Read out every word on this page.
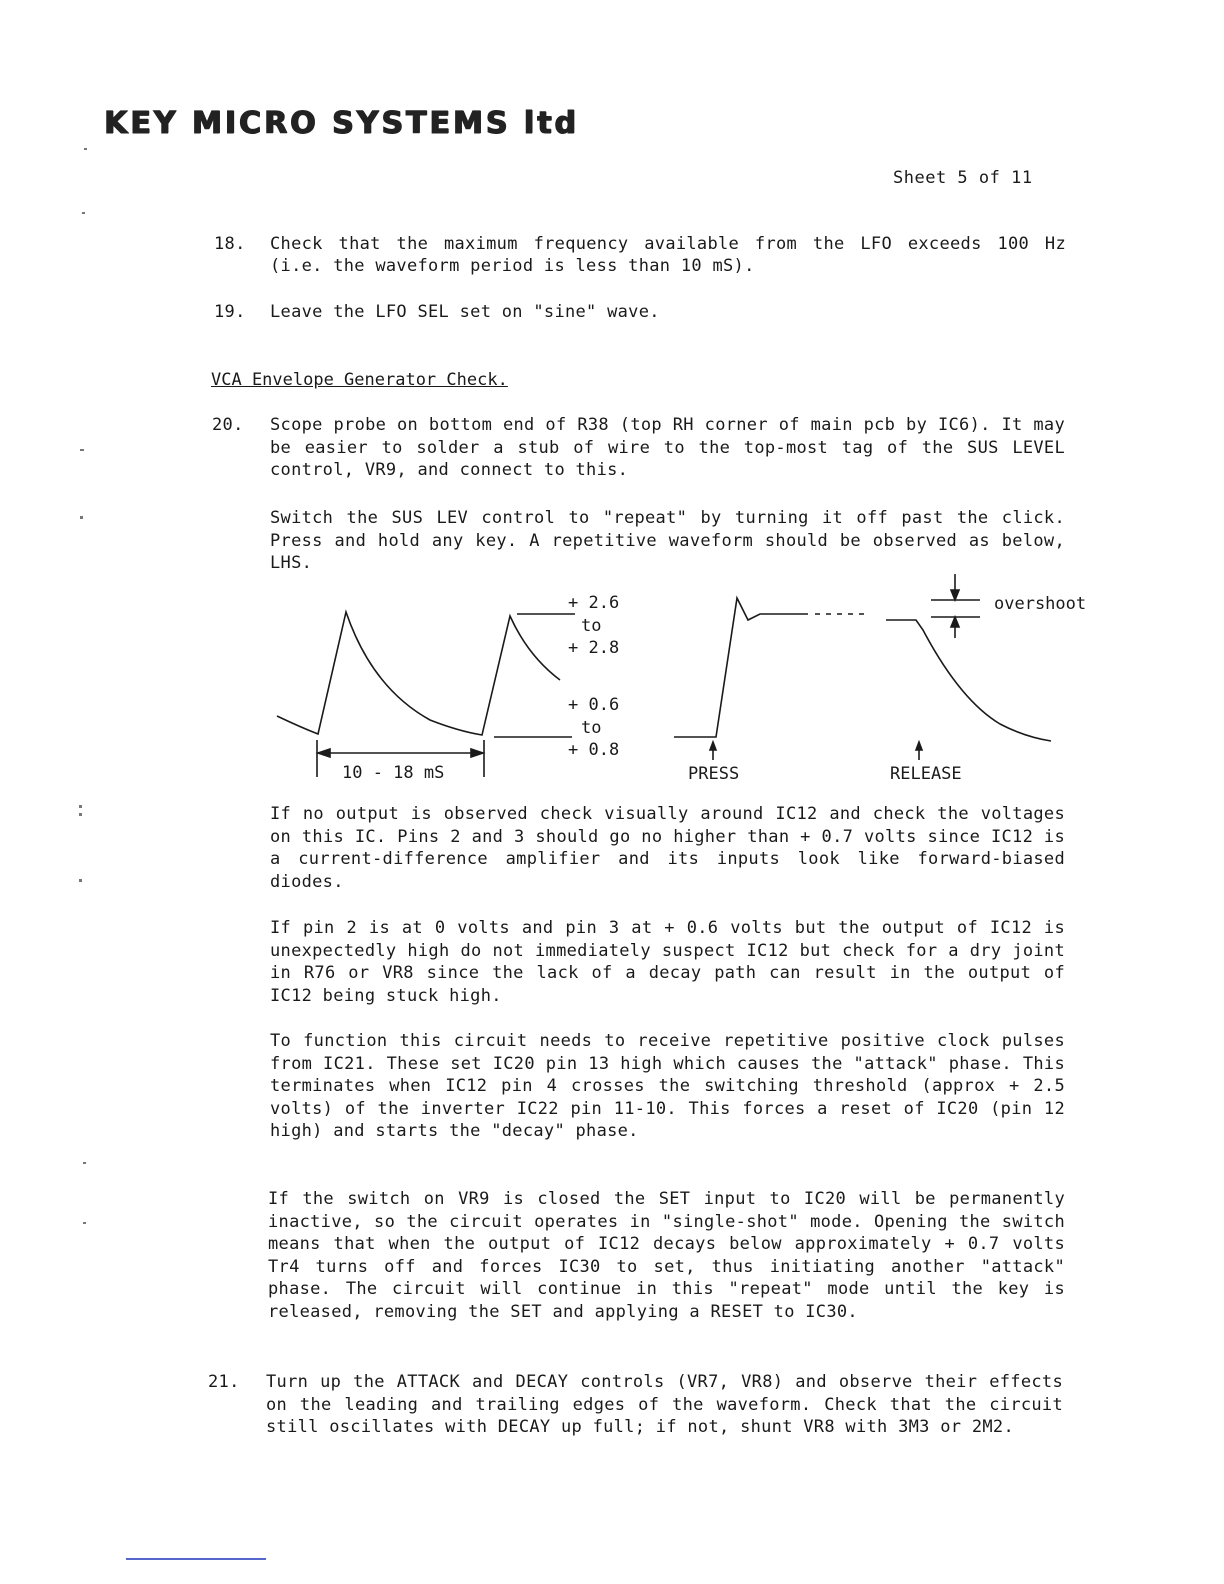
KEY MICRO SYSTEMS ltd
Sheet 5 of 11
18. Check that the maximum frequency available from the LFO exceeds 100 Hz (i.e. the waveform period is less than 10 mS).
19. Leave the LFO SEL set on "sine" wave.
VCA Envelope Generator Check.
20. Scope probe on bottom end of R38 (top RH corner of main pcb by IC6). It may be easier to solder a stub of wire to the top-most tag of the SUS LEVEL control, VR9, and connect to this.
Switch the SUS LEV control to "repeat" by turning it off past the click. Press and hold any key. A repetitive waveform should be observed as below, LHS.
+ 2.6
to
+ 2.8
+ 0.6
to
+ 0.8
10 - 18 mS
overshoot
PRESS	RELEASE
If no output is observed check visually around IC12 and check the voltages on this IC. Pins 2 and 3 should go no higher than + 0.7 volts since IC12 is a current-difference amplifier and its inputs look like forward-biased diodes.
If pin 2 is at 0 volts and pin 3 at + 0.6 volts but the output of IC12 is unexpectedly high do not immediately suspect IC12 but check for a dry joint in R76 or VR8 since the lack of a decay path can result in the output of IC12 being stuck high.
To function this circuit needs to receive repetitive positive clock pulses from IC21. These set IC20 pin 13 high which causes the "attack" phase. This terminates when IC12 pin 4 crosses the switching threshold (approx + 2.5 volts) of the inverter IC22 pin 11-10. This forces a reset of IC20 (pin 12 high) and starts the "decay" phase.
If the switch on VR9 is closed the SET input to IC20 will be permanently inactive, so the circuit operates in "single-shot" mode. Opening the switch means that when the output of IC12 decays below approximately + 0.7 volts Tr4 turns off and forces IC30 to set, thus initiating another "attack" phase. The circuit will continue in this "repeat" mode until the key is released, removing the SET and applying a RESET to IC30.
21. Turn up the ATTACK and DECAY controls (VR7, VR8) and observe their effects on the leading and trailing edges of the waveform. Check that the circuit still oscillates with DECAY up full; if not, shunt VR8 with 3M3 or 2M2.
